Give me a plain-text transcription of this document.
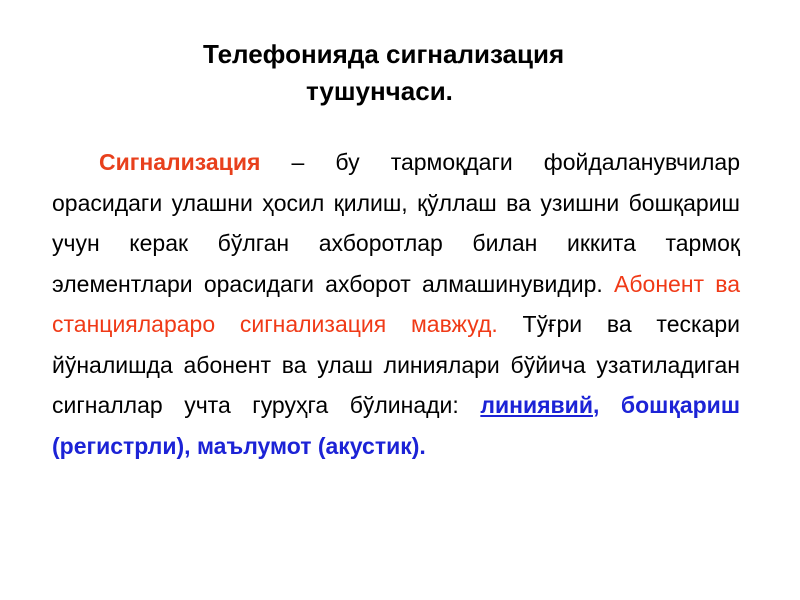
Телефонияда сигнализация
тушунчаси.

Сигнализация – бу тармоқдаги фойдаланувчилар орасидаги улашни ҳосил қилиш, қўллаш ва узишни бошқариш учун керак бўлган ахборотлар билан иккита тармоқ элементлари орасидаги ахборот алмашинувидир. Абонент ва станциялараро сигнализация мавжуд. Тўғри ва тескари йўналишда абонент ва улаш линиялари бўйича узатиладиган сигналлар учта гуруҳга бўлинади: линиявий, бошқариш (регистрли), маълумот (акустик).
